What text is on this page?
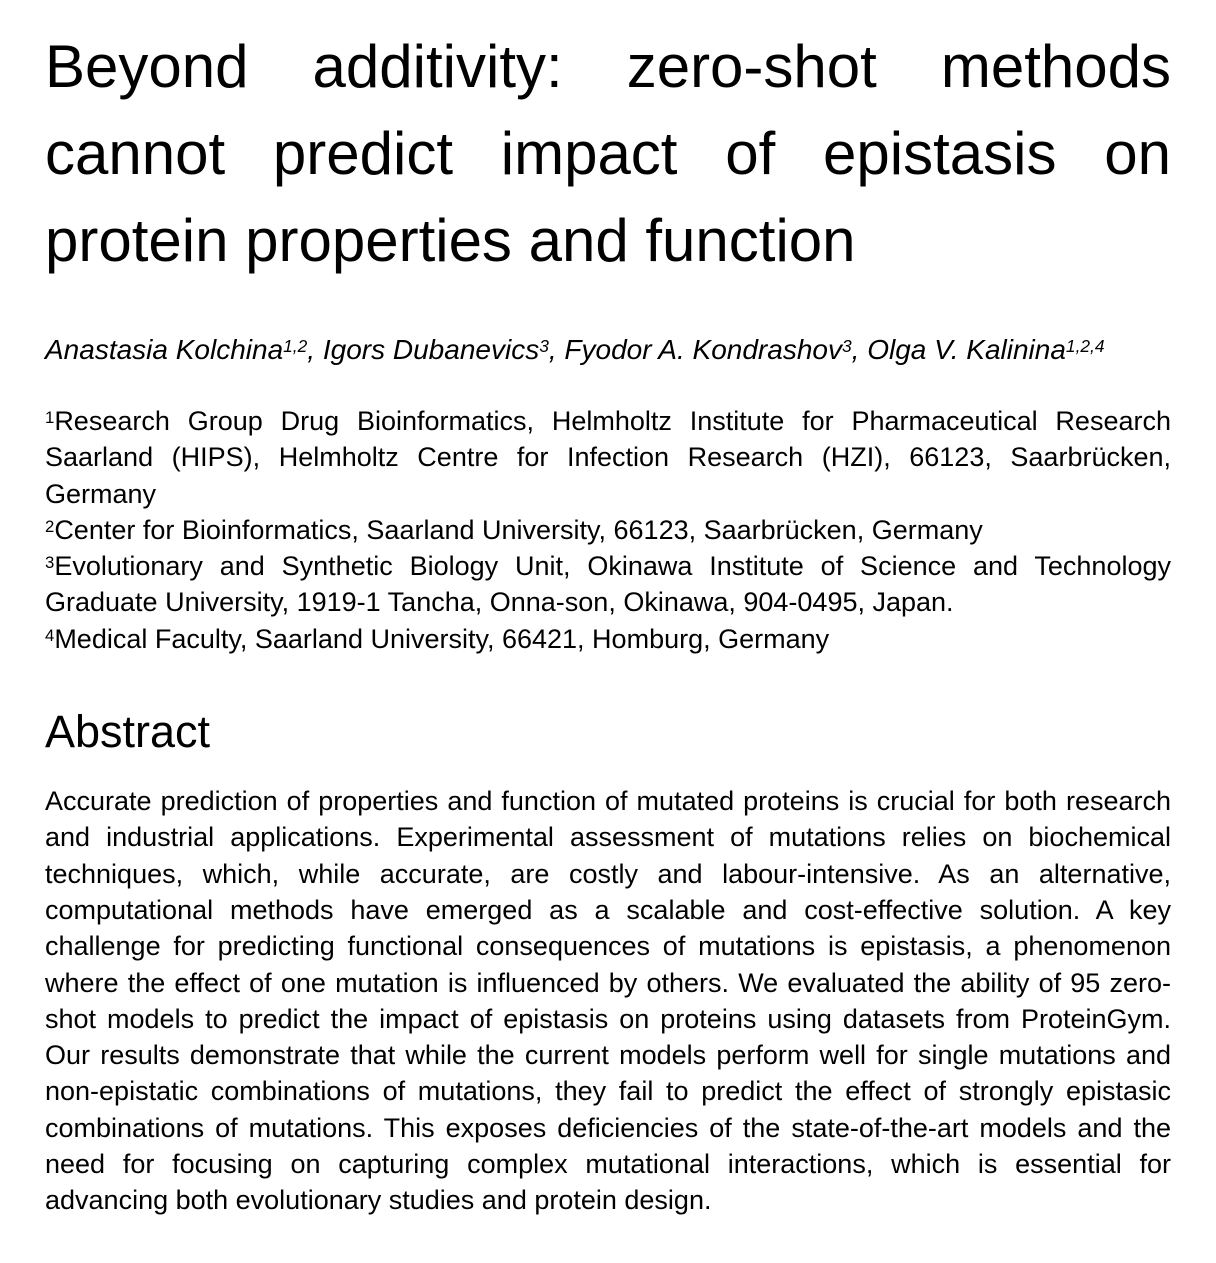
Beyond additivity: zero-shot methods
cannot predict impact of epistasis on
protein properties and function

Anastasia Kolchina$^{1,2}$, Igors Dubanevics$^3$, Fyodor A. Kondrashov$^3$, Olga V. Kalinina$^{1,2,4}$

$^1$Research Group Drug Bioinformatics, Helmholtz Institute for Pharmaceutical Research Saarland (HIPS), Helmholtz Centre for Infection Research (HZI), 66123, Saarbrücken, Germany

$^2$Center for Bioinformatics, Saarland University, 66123, Saarbrücken, Germany

$^3$Evolutionary and Synthetic Biology Unit, Okinawa Institute of Science and Technology Graduate University, 1919-1 Tancha, Onna-son, Okinawa, 904-0495, Japan.

$^4$Medical Faculty, Saarland University, 66421, Homburg, Germany

Abstract

Accurate prediction of properties and function of mutated proteins is crucial for both research and industrial applications. Experimental assessment of mutations relies on biochemical techniques, which, while accurate, are costly and labour-intensive. As an alternative, computational methods have emerged as a scalable and cost-effective solution. A key challenge for predicting functional consequences of mutations is epistasis, a phenomenon where the effect of one mutation is influenced by others. We evaluated the ability of 95 zero-shot models to predict the impact of epistasis on proteins using datasets from ProteinGym. Our results demonstrate that while the current models perform well for single mutations and non-epistatic combinations of mutations, they fail to predict the effect of strongly epistasic combinations of mutations. This exposes deficiencies of the state-of-the-art models and the need for focusing on capturing complex mutational interactions, which is essential for advancing both evolutionary studies and protein design.
